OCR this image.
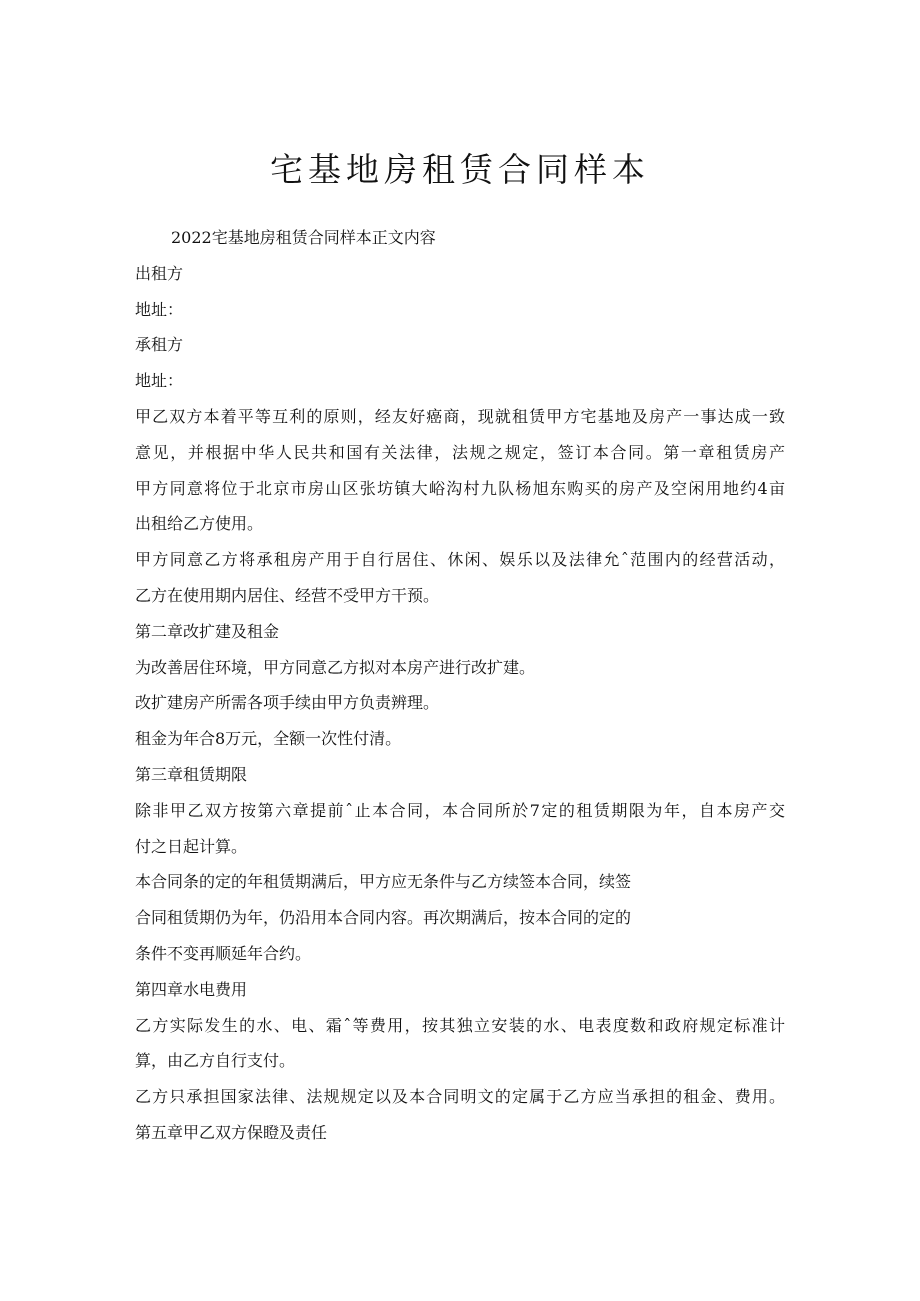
宅基地房租赁合同样本
2022宅基地房租赁合同样本正文内容
出租方
地址：
承租方
地址：
甲乙双方本着平等互利的原则，经友好癌商，现就租赁甲方宅基地及房产一事达成一致
意见，并根据中华人民共和国有关法律，法规之规定，签订本合同。第一章租赁房产
甲方同意将位于北京市房山区张坊镇大峪沟村九队杨旭东购买的房产及空闲用地约4亩
出租给乙方使用。
甲方同意乙方将承租房产用于自行居住、休闲、娱乐以及法律允ˆ范围内的经营活动，
乙方在使用期内居住、经营不受甲方干预。
第二章改扩建及租金
为改善居住环境，甲方同意乙方拟对本房产进行改扩建。
改扩建房产所需各项手续由甲方负责辨理。
租金为年合8万元，全额一次性付清。
第三章租赁期限
除非甲乙双方按第六章提前ˆ止本合同，本合同所於7定的租赁期限为年，自本房产交
付之日起计算。
本合同条的定的年租赁期满后，甲方应无条件与乙方续签本合同，续签
合同租赁期仍为年，仍沿用本合同内容。再次期满后，按本合同的定的
条件不变再顺延年合约。
第四章水电费用
乙方实际发生的水、电、霜ˆ等费用，按其独立安装的水、电表度数和政府规定标准计
算，由乙方自行支付。
乙方只承担国家法律、法规规定以及本合同明文的定属于乙方应当承担的租金、费用。
第五章甲乙双方保瞪及责任
